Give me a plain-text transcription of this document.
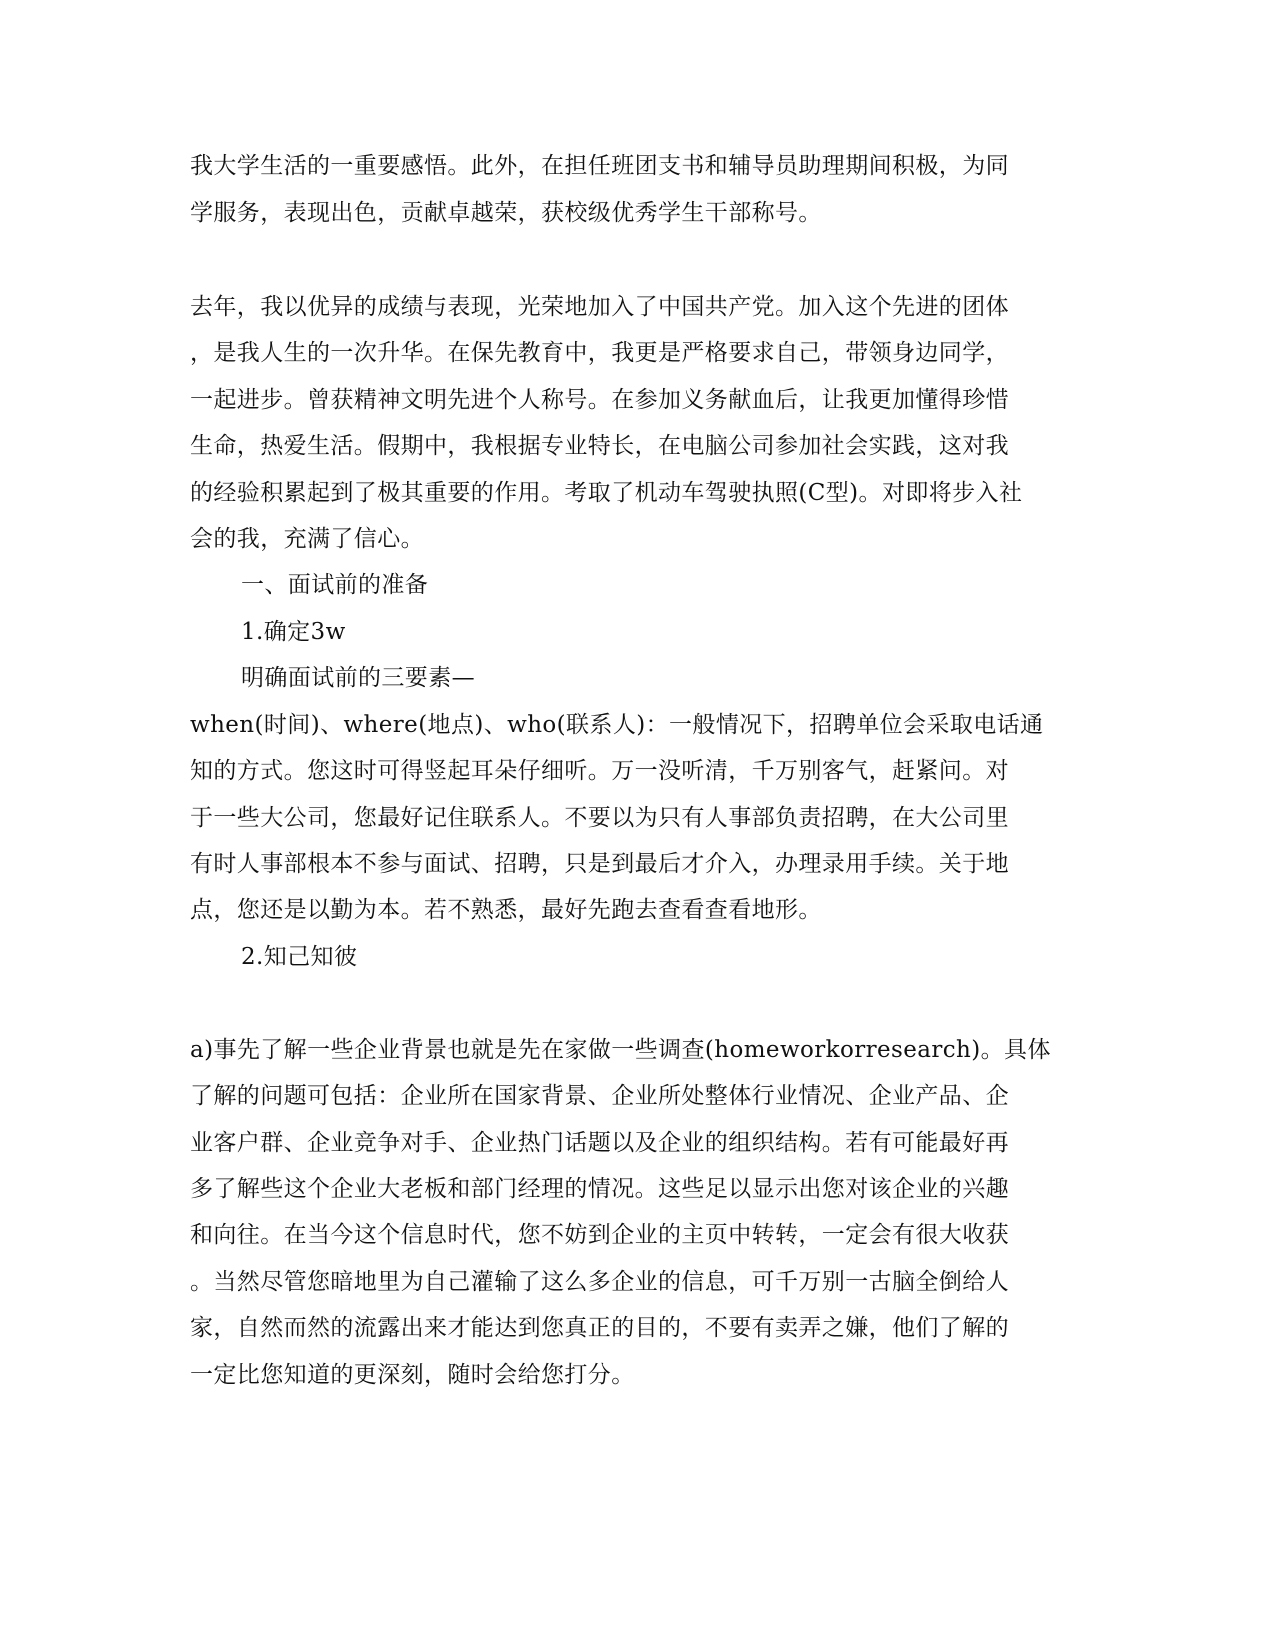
我大学生活的一重要感悟。此外，在担任班团支书和辅导员助理期间积极，为同
学服务，表现出色，贡献卓越荣，获校级优秀学生干部称号。
去年，我以优异的成绩与表现，光荣地加入了中国共产党。加入这个先进的团体
，是我人生的一次升华。在保先教育中，我更是严格要求自己，带领身边同学，
一起进步。曾获精神文明先进个人称号。在参加义务献血后，让我更加懂得珍惜
生命，热爱生活。假期中，我根据专业特长，在电脑公司参加社会实践，这对我
的经验积累起到了极其重要的作用。考取了机动车驾驶执照(C型)。对即将步入社
会的我，充满了信心。
一、面试前的准备
1.确定3w
明确面试前的三要素—
when(时间)、where(地点)、who(联系人)：一般情况下，招聘单位会采取电话通
知的方式。您这时可得竖起耳朵仔细听。万一没听清，千万别客气，赶紧问。对
于一些大公司，您最好记住联系人。不要以为只有人事部负责招聘，在大公司里
有时人事部根本不参与面试、招聘，只是到最后才介入，办理录用手续。关于地
点，您还是以勤为本。若不熟悉，最好先跑去查看查看地形。
2.知己知彼
a)事先了解一些企业背景也就是先在家做一些调查(homeworkorresearch)。具体
了解的问题可包括：企业所在国家背景、企业所处整体行业情况、企业产品、企
业客户群、企业竞争对手、企业热门话题以及企业的组织结构。若有可能最好再
多了解些这个企业大老板和部门经理的情况。这些足以显示出您对该企业的兴趣
和向往。在当今这个信息时代，您不妨到企业的主页中转转，一定会有很大收获
。当然尽管您暗地里为自己灌输了这么多企业的信息，可千万别一古脑全倒给人
家，自然而然的流露出来才能达到您真正的目的，不要有卖弄之嫌，他们了解的
一定比您知道的更深刻，随时会给您打分。
